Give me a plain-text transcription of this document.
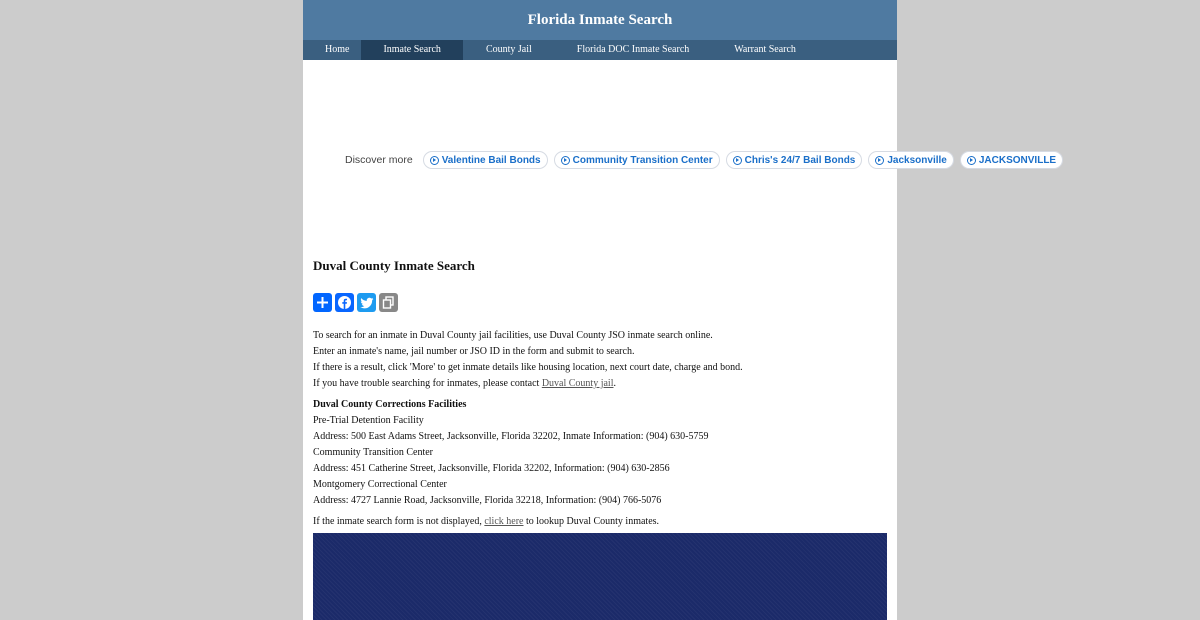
Florida Inmate Search
Home	Inmate Search	County Jail	Florida DOC Inmate Search	Warrant Search
Duval County Inmate Search
To search for an inmate in Duval County jail facilities, use Duval County JSO inmate search online.
Enter an inmate's name, jail number or JSO ID in the form and submit to search.
If there is a result, click 'More' to get inmate details like housing location, next court date, charge and bond.
If you have trouble searching for inmates, please contact Duval County jail.
Duval County Corrections Facilities
Pre-Trial Detention Facility
Address: 500 East Adams Street, Jacksonville, Florida 32202, Inmate Information: (904) 630-5759
Community Transition Center
Address: 451 Catherine Street, Jacksonville, Florida 32202, Information: (904) 630-2856
Montgomery Correctional Center
Address: 4727 Lannie Road, Jacksonville, Florida 32218, Information: (904) 766-5076
If the inmate search form is not displayed, click here to lookup Duval County inmates.
Discover more	Valentine Bail Bonds	Community Transition Center	Chris's 24/7 Bail Bonds	Jacksonville	JACKSONVILLE
